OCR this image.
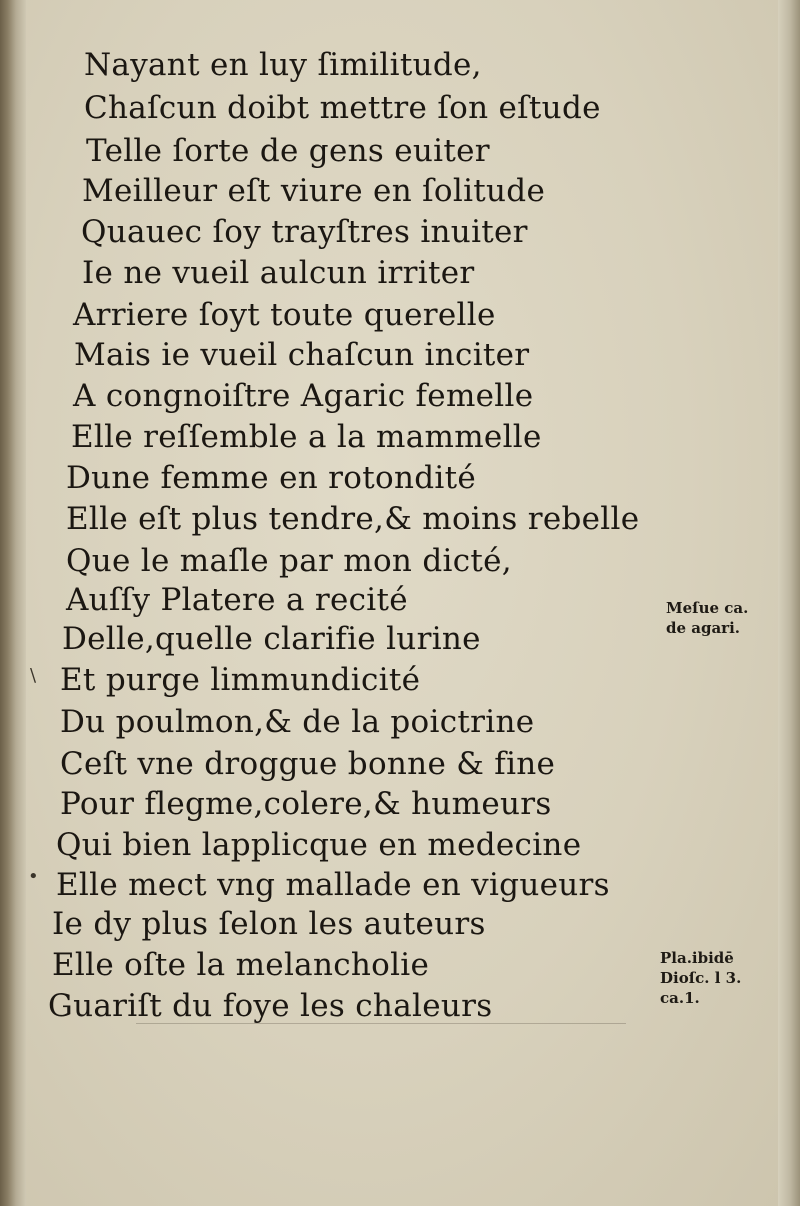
Nayant en luy ſimilitude,
Chaſcun doibt mettre ſon eſtude
Telle ſorte de gens euiter
Meilleur eſt viure en ſolitude
Quauec ſoy trayſtres inuiter
Ie ne vueil aulcun irriter
Arriere ſoyt toute querelle
Mais ie vueil chaſcun inciter
A congnoiſtre Agaric femelle
Elle reſſemble a la mammelle
Dune femme en rotondité
Elle eſt plus tendre,& moins rebelle
Que le maſle par mon dicté,
Auſſy Platere a recité
Delle,quelle clarifie lurine
Et purge limmundicité
Du poulmon,& de la poictrine
Ceſt vne droggue bonne & fine
Pour flegme,colere,& humeurs
Qui bien lapplicque en medecine
Elle mect vng mallade en vigueurs
Ie dy plus ſelon les auteurs
Elle oſte la melancholie
Guariſt du foye les chaleurs
Meſue ca.
de agari.
Pla.ibidē
Dioſc. l 3.
ca.1.
•
\
